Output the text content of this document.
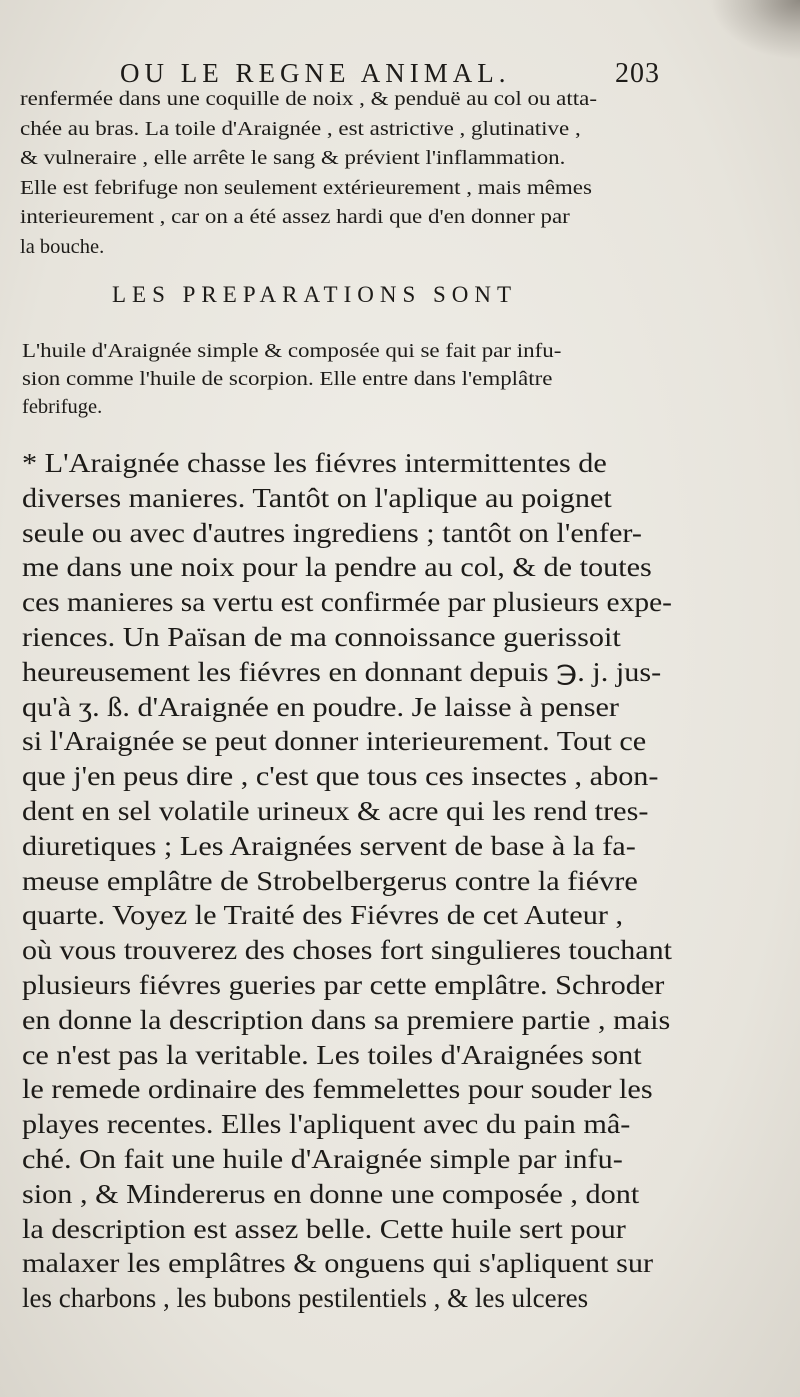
OU LE REGNE ANIMAL.	203
renfermée dans une coquille de noix , & penduë au col ou atta-
chée au bras. La toile d'Araignée , est astrictive , glutinative ,
& vulneraire , elle arrête le sang & prévient l'inflammation.
Elle est febrifuge non seulement extérieurement , mais mêmes
interieurement , car on a été assez hardi que d'en donner par
la bouche.
LES PREPARATIONS SONT
L'huile d'Araignée simple & composée qui se fait par infu-
sion comme l'huile de scorpion. Elle entre dans l'emplâtre
febrifuge.
* L'Araignée chasse les fiévres intermittentes de
diverses manieres. Tantôt on l'aplique au poignet
seule ou avec d'autres ingrediens ; tantôt on l'enfer-
me dans une noix pour la pendre au col, & de toutes
ces manieres sa vertu est confirmée par plusieurs expe-
riences. Un Païsan de ma connoissance guerissoit
heureusement les fiévres en donnant depuis ℈. j. jus-
qu'à ʒ. ß. d'Araignée en poudre. Je laisse à penser
si l'Araignée se peut donner interieurement. Tout ce
que j'en peus dire , c'est que tous ces insectes , abon-
dent en sel volatile urineux & acre qui les rend tres-
diuretiques ; Les Araignées servent de base à la fa-
meuse emplâtre de Strobelbergerus contre la fiévre
quarte. Voyez le Traité des Fiévres de cet Auteur ,
où vous trouverez des choses fort singulieres touchant
plusieurs fiévres gueries par cette emplâtre. Schroder
en donne la description dans sa premiere partie , mais
ce n'est pas la veritable. Les toiles d'Araignées sont
le remede ordinaire des femmelettes pour souder les
playes recentes. Elles l'apliquent avec du pain mâ-
ché. On fait une huile d'Araignée simple par infu-
sion , & Mindererus en donne une composée , dont
la description est assez belle. Cette huile sert pour
malaxer les emplâtres & onguens qui s'apliquent sur
les charbons , les bubons pestilentiels , & les ulceres
